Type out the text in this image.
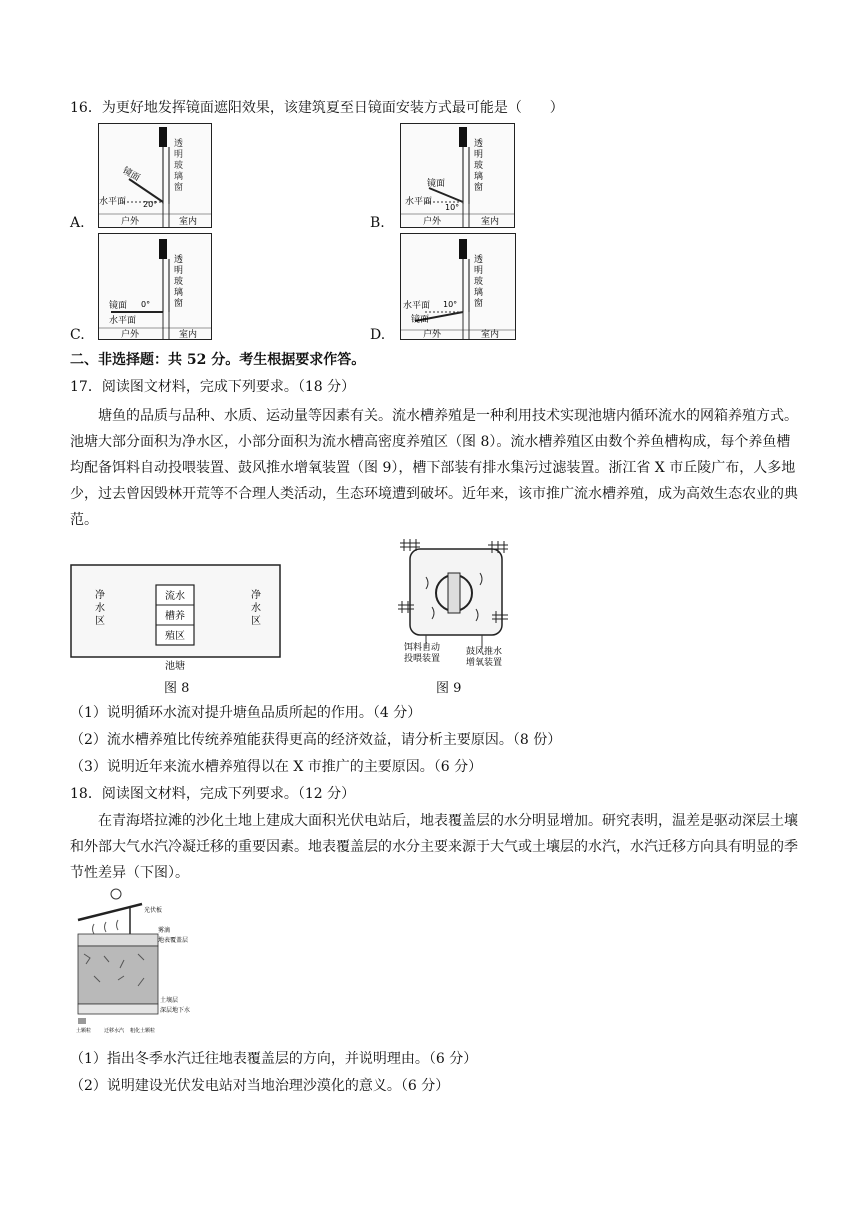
16．为更好地发挥镜面遮阳效果，该建筑夏至日镜面安装方式最可能是（　　）
A.
透明玻璃窗
镜面
水平面 20°
户外	室内	B.
透明玻璃窗
镜面
水平面
10°
户外	室内
C.
透明玻璃窗
镜面 0°
水平面
户外	室内	D.
透明玻璃窗
水平面 10°
镜面
户外	室内
二、非选择题：共 52 分。考生根据要求作答。
17．阅读图文材料，完成下列要求。（18 分）
塘鱼的品质与品种、水质、运动量等因素有关。流水槽养殖是一种利用技术实现池塘内循环流水的网箱养殖方式。池塘大部分面积为净水区，小部分面积为流水槽高密度养殖区（图 8）。流水槽养殖区由数个养鱼槽构成，每个养鱼槽均配备饵料自动投喂装置、鼓风推水增氧装置（图 9），槽下部装有排水集污过滤装置。浙江省 X 市丘陵广布，人多地少，过去曾因毁林开荒等不合理人类活动，生态环境遭到破坏。近年来，该市推广流水槽养殖，成为高效生态农业的典范。
流水槽养殖区
净水区
净水区
池塘
图 8
饵料自动投喂装置
鼓风推水增氧装置
图 9
（1）说明循环水流对提升塘鱼品质所起的作用。（4 分）
（2）流水槽养殖比传统养殖能获得更高的经济效益，请分析主要原因。（8 份）
（3）说明近年来流水槽养殖得以在 X 市推广的主要原因。（6 分）
18．阅读图文材料，完成下列要求。（12 分）
在青海塔拉滩的沙化土地上建成大面积光伏电站后，地表覆盖层的水分明显增加。研究表明，温差是驱动深层土壤和外部大气水汽冷凝迁移的重要因素。地表覆盖层的水分主要来源于大气或土壤层的水汽，水汽迁移方向具有明显的季节性差异（下图）。
光伏板
雾滴
地表覆盖层
土壤层
深层地下水
土颗粒	迁移水汽 粗化土颗粒
（1）指出冬季水汽迁往地表覆盖层的方向，并说明理由。（6 分）
（2）说明建设光伏发电站对当地治理沙漠化的意义。（6 分）
